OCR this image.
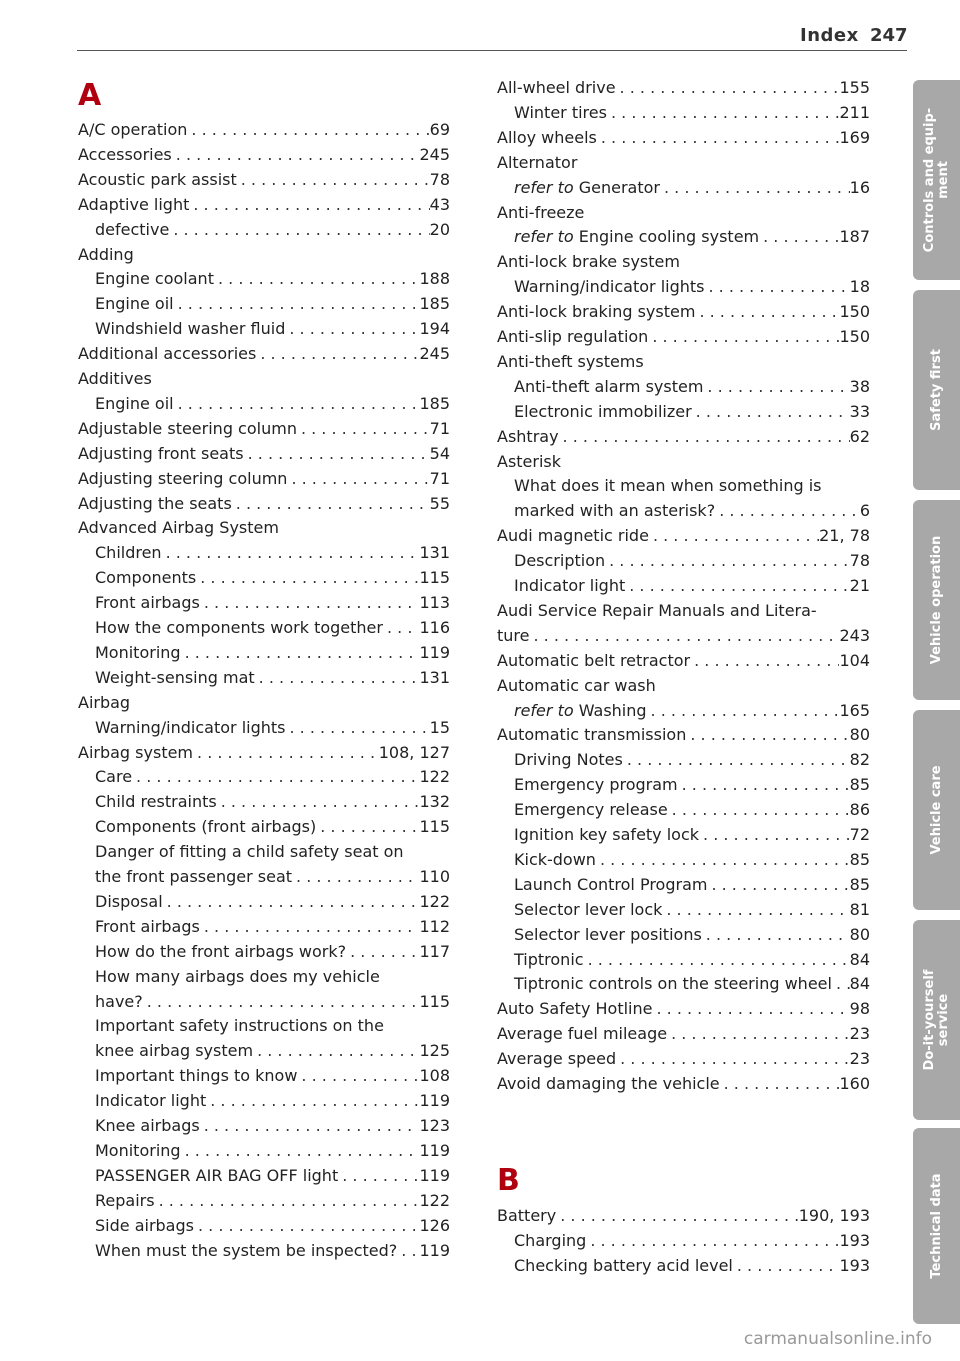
Index 247
A
A/C operation . . .	69
Accessories . . .	245
Acoustic park assist . . .	78
Adaptive light . . .	43
defective . . .	20
Adding
Engine coolant . . .	188
Engine oil . . .	185
Windshield washer fluid . . .	194
Additional accessories . . .	245
Additives
Engine oil . . .	185
Adjustable steering column . . .	71
Adjusting front seats . . .	54
Adjusting steering column . . .	71
Adjusting the seats . . .	55
Advanced Airbag System
Children . . .	131
Components . . .	115
Front airbags . . .	113
How the components work together . . . 116
Monitoring . . .	119
Weight-sensing mat . . .	131
Airbag
Warning/indicator lights . . .	15
Airbag system . . .	108, 127
Care . . .	122
Child restraints . . .	132
Components (front airbags) . . .	115
Danger of fitting a child safety seat on
the front passenger seat . . .	110
Disposal . . .	122
Front airbags . . .	112
How do the front airbags work? . . .	117
How many airbags does my vehicle
have? . . .	115
Important safety instructions on the
knee airbag system . . .	125
Important things to know . . .	108
Indicator light . . .	119
Knee airbags . . .	123
Monitoring . . .	119
PASSENGER AIR BAG OFF light . . .	119
Repairs . . .	122
Side airbags . . .	126
When must the system be inspected? . . . 119
All-wheel drive . . .	155
Winter tires . . .	211
Alloy wheels . . .	169
Alternator
refer to Generator . . .	16
Anti-freeze
refer to Engine cooling system . . .	187
Anti-lock brake system
Warning/indicator lights . . .	18
Anti-lock braking system . . .	150
Anti-slip regulation . . .	150
Anti-theft systems
Anti-theft alarm system . . .	38
Electronic immobilizer . . .	33
Ashtray . . .	62
Asterisk
What does it mean when something is
marked with an asterisk? . . .	6
Audi magnetic ride . . .	21, 78
Description . . .	78
Indicator light . . .	21
Audi Service Repair Manuals and Litera-
ture . . .	243
Automatic belt retractor . . .	104
Automatic car wash
refer to Washing . . .	165
Automatic transmission . . .	80
Driving Notes . . .	82
Emergency program . . .	85
Emergency release . . .	86
Ignition key safety lock . . .	72
Kick-down . . .	85
Launch Control Program . . .	85
Selector lever lock . . .	81
Selector lever positions . . .	80
Tiptronic . . .	84
Tiptronic controls on the steering wheel . . . 84
Auto Safety Hotline . . .	98
Average fuel mileage . . .	23
Average speed . . .	23
Avoid damaging the vehicle . . .	160
Battery . . .	190, 193
Charging . . .	193
Checking battery acid level . . .	193
B
Controls and equip-
ment
Safety first
Vehicle operation
Vehicle care
Do-it-yourself
service
Technical data
carmanualsonline.info
